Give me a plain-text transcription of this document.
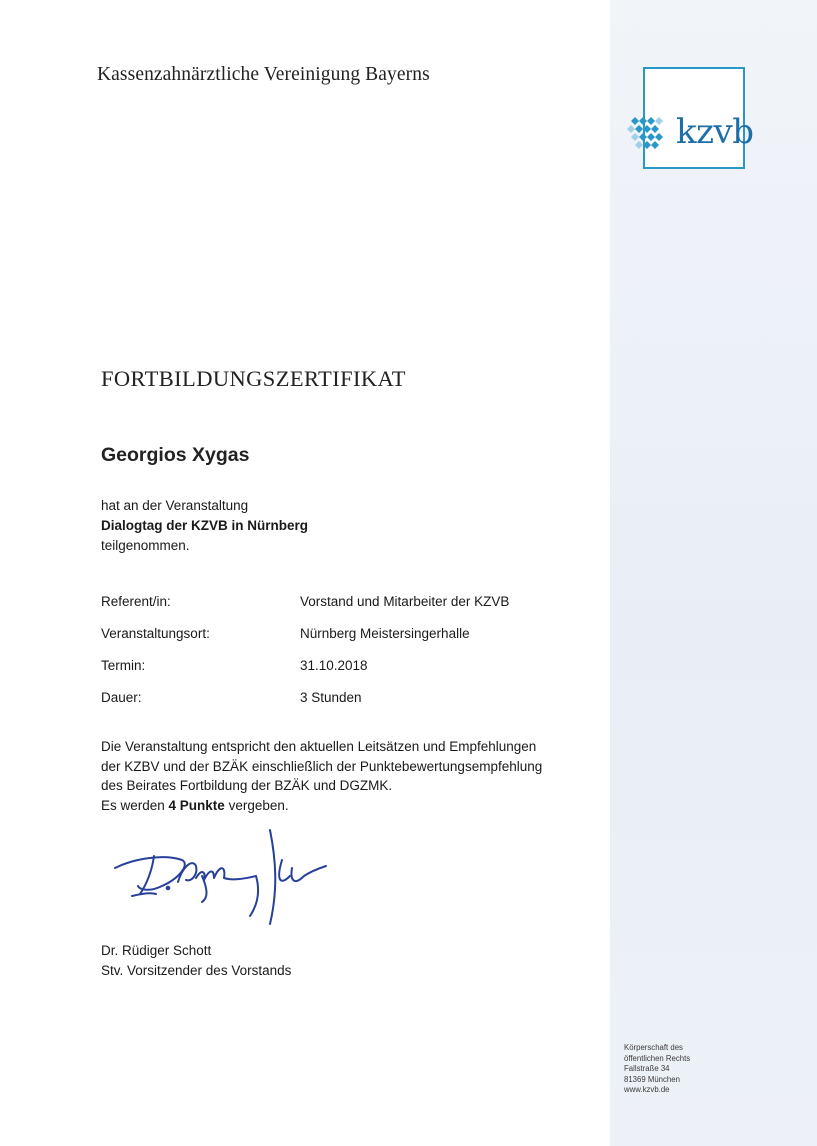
Kassenzahnärztliche Vereinigung Bayerns
kzvb
FORTBILDUNGSZERTIFIKAT
Georgios Xygas
hat an der Veranstaltung
Dialogtag der KZVB in Nürnberg
teilgenommen.
Referent/in:	Vorstand und Mitarbeiter der KZVB
Veranstaltungsort:	Nürnberg Meistersingerhalle
Termin:	31.10.2018
Dauer:	3 Stunden
Die Veranstaltung entspricht den aktuellen Leitsätzen und Empfehlungen
der KZBV und der BZÄK einschließlich der Punktebewertungsempfehlung
des Beirates Fortbildung der BZÄK und DGZMK.
Es werden 4 Punkte vergeben.
Dr. Rüdiger Schott
Stv. Vorsitzender des Vorstands
Körperschaft des
öffentlichen Rechts
Fallstraße 34
81369 München
www.kzvb.de
